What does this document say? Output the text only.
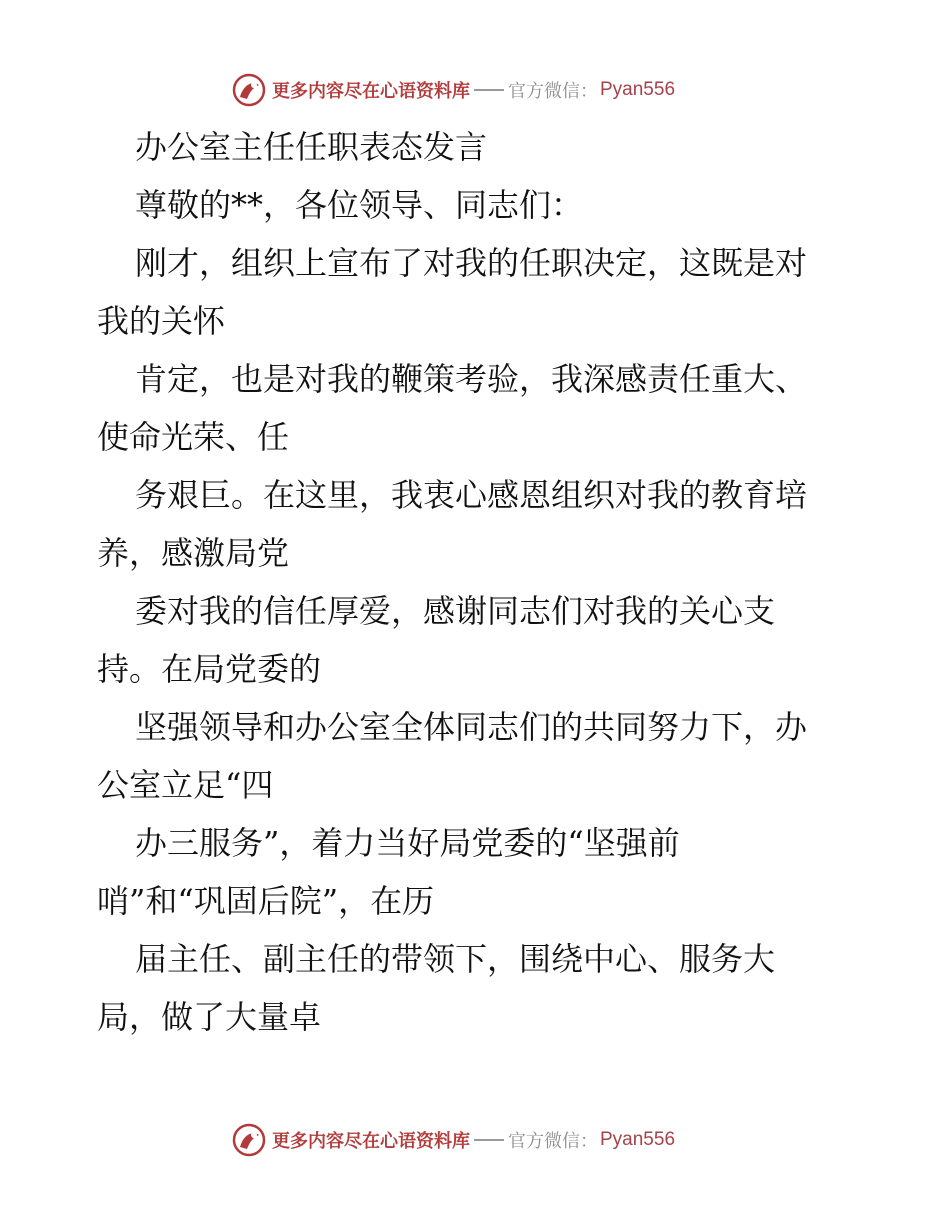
更多内容尽在心语资料库 官方微信： Pyan556

办公室主任任职表态发言

尊敬的**，各位领导、同志们：

刚才，组织上宣布了对我的任职决定，这既是对

我的关怀

肯定，也是对我的鞭策考验，我深感责任重大、

使命光荣、任

务艰巨。在这里，我衷心感恩组织对我的教育培

养，感激局党

委对我的信任厚爱，感谢同志们对我的关心支

持。在局党委的

坚强领导和办公室全体同志们的共同努力下，办

公室立足“四

办三服务”，着力当好局党委的“坚强前

哨”和“巩固后院”，在历

届主任、副主任的带领下，围绕中心、服务大

局，做了大量卓

更多内容尽在心语资料库 官方微信： Pyan556
